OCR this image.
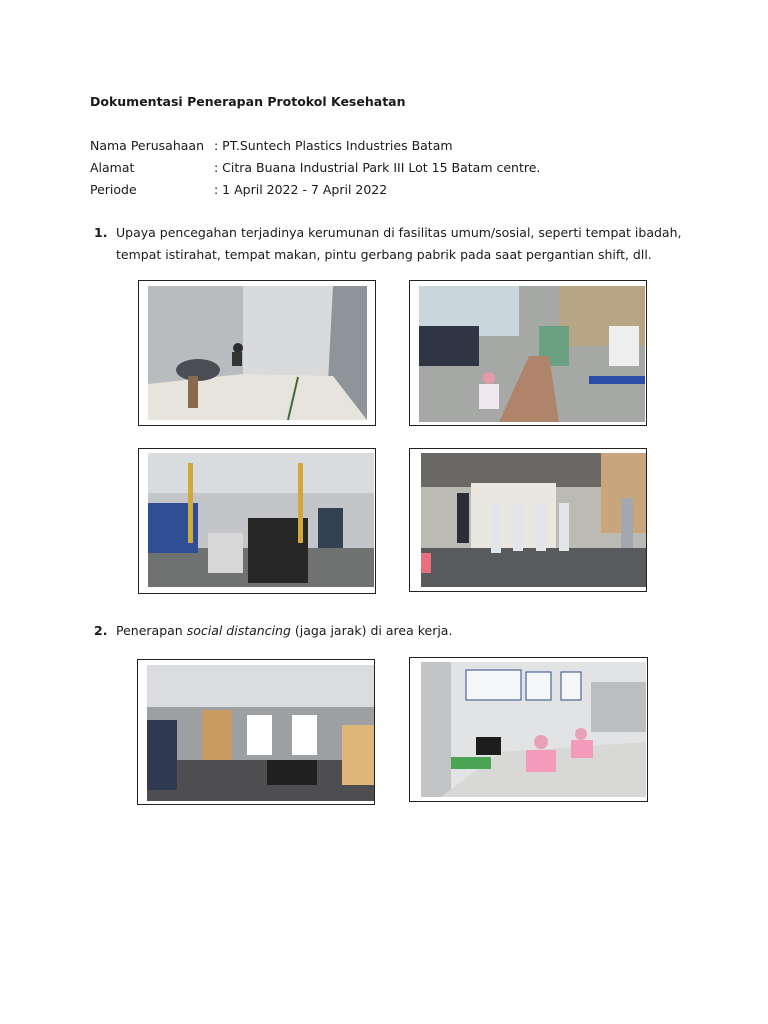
Dokumentasi Penerapan Protokol Kesehatan
Nama Perusahaan : PT.Suntech Plastics Industries Batam
Alamat	: Citra Buana Industrial Park III Lot 15 Batam centre.
Periode	: 1 April 2022 - 7 April 2022
1. Upaya pencegahan terjadinya kerumunan di fasilitas umum/sosial, seperti tempat ibadah, tempat istirahat, tempat makan, pintu gerbang pabrik pada saat pergantian shift, dll.
2. Penerapan social distancing (jaga jarak) di area kerja.
